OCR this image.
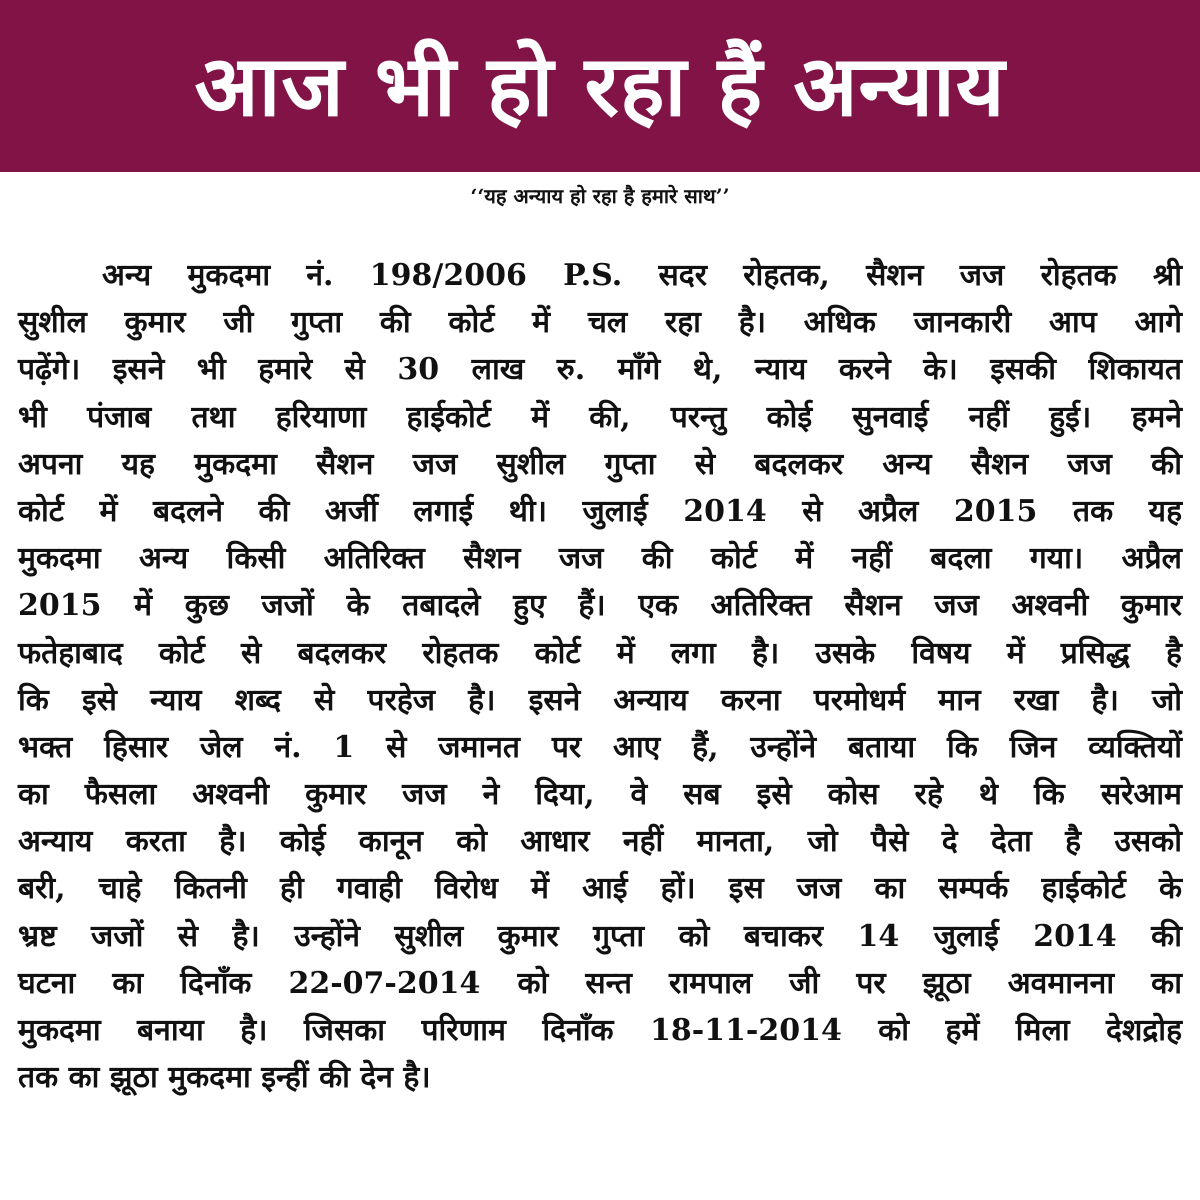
आज भी हो रहा हैं अन्याय
‘‘यह अन्याय हो रहा है हमारे साथ’’
अन्य मुकदमा नं. 198/2006 P.S. सदर रोहतक, सैशन जज रोहतक श्री
सुशील कुमार जी गुप्ता की कोर्ट में चल रहा है। अधिक जानकारी आप आगे
पढ़ेंगे। इसने भी हमारे से 30 लाख रु. माँगे थे, न्याय करने के। इसकी शिकायत
भी पंजाब तथा हरियाणा हाईकोर्ट में की, परन्तु कोई सुनवाई नहीं हुई। हमने
अपना यह मुकदमा सैशन जज सुशील गुप्ता से बदलकर अन्य सैशन जज की
कोर्ट में बदलने की अर्जी लगाई थी। जुलाई 2014 से अप्रैल 2015 तक यह
मुकदमा अन्य किसी अतिरिक्त सैशन जज की कोर्ट में नहीं बदला गया। अप्रैल
2015 में कुछ जजों के तबादले हुए हैं। एक अतिरिक्त सैशन जज अश्वनी कुमार
फतेहाबाद कोर्ट से बदलकर रोहतक कोर्ट में लगा है। उसके विषय में प्रसिद्ध है
कि इसे न्याय शब्द से परहेज है। इसने अन्याय करना परमोधर्म मान रखा है। जो
भक्त हिसार जेल नं. 1 से जमानत पर आए हैं, उन्होंने बताया कि जिन व्यक्तियों
का फैसला अश्वनी कुमार जज ने दिया, वे सब इसे कोस रहे थे कि सरेआम
अन्याय करता है। कोई कानून को आधार नहीं मानता, जो पैसे दे देता है उसको
बरी, चाहे कितनी ही गवाही विरोध में आई हों। इस जज का सम्पर्क हाईकोर्ट के
भ्रष्ट जजों से है। उन्होंने सुशील कुमार गुप्ता को बचाकर 14 जुलाई 2014 की
घटना का दिनाँक 22-07-2014 को सन्त रामपाल जी पर झूठा अवमानना का
मुकदमा बनाया है। जिसका परिणाम दिनाँक 18-11-2014 को हमें मिला देशद्रोह
तक का झूठा मुकदमा इन्हीं की देन है।
